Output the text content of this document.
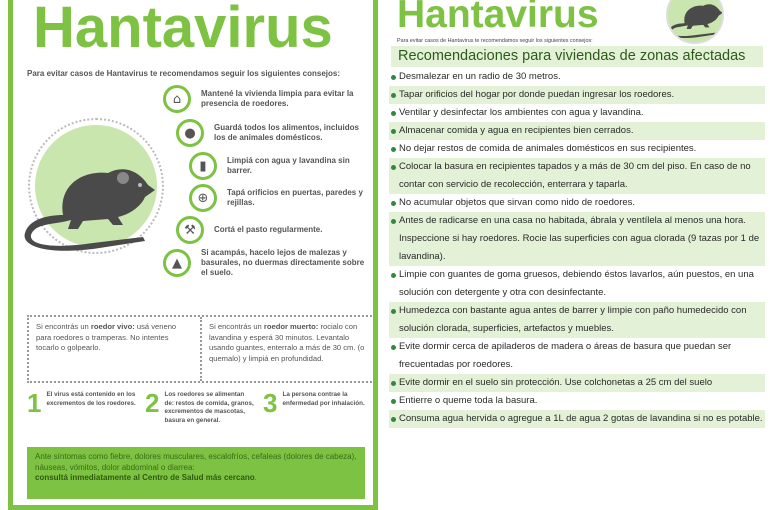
Hantavirus
Para evitar casos de Hantavirus te recomendamos seguir los siguientes consejos:
⌂	Mantené la vivienda limpia para evitar la presencia de roedores.
●	Guardá todos los alimentos, incluidos los de animales domésticos.
▮	Limpiá con agua y lavandina sin barrer.
⊕	Tapá orificios en puertas, paredes y rejillas.
⚒	Cortá el pasto regularmente.
▲
Si acampás, hacelo lejos de malezas y basurales, no duermas directamente sobre el suelo.
Si encontrás un roedor vivo: usá veneno para roedores o tramperas. No intentes tocarlo o golpearlo.
Si encontrás un roedor muerto: rocialo con lavandina y esperá 30 minutos. Levantalo usando guantes, enterralo a más de 30 cm. (o quemalo) y limpiá en profundidad.
1 El virus está contenido en los excrementos de los roedores. 2 Los roedores se alimentan de: restos de comida, granos, excrementos de mascotas, basura en general.
3 La persona contrae la enfermedad por inhalación.
Ante síntomas como fiebre, dolores musculares, escalofríos, cefaleas (dolores de cabeza), náuseas, vómitos, dolor abdominal o diarrea:
consultá inmediatamente al Centro de Salud más cercano.
Hantavirus
Para evitar casos de Hantavirus te recomendamos seguir los siguientes consejos:
Recomendaciones para viviendas de zonas afectadas
Desmalezar en un radio de 30 metros.
Tapar orificios del hogar por donde puedan ingresar los roedores.
Ventilar y desinfectar los ambientes con agua y lavandina.
Almacenar comida y agua en recipientes bien cerrados.
No dejar restos de comida de animales domésticos en sus recipientes.
Colocar la basura en recipientes tapados y a más de 30 cm del piso. En caso de no contar con servicio de recolección, enterrara y taparla.
No acumular objetos que sirvan como nido de roedores.
Antes de radicarse en una casa no habitada, ábrala y ventílela al menos una hora. Inspeccione si hay roedores. Rocie las superficies con agua clorada (9 tazas por 1 de lavandina).
Limpie con guantes de goma gruesos, debiendo éstos lavarlos, aún puestos, en una solución con detergente y otra con desinfectante.
Humedezca con bastante agua antes de barrer y limpie con paño humedecido con solución clorada, superficies, artefactos y muebles.
Evite dormir cerca de apiladeros de madera o áreas de basura que puedan ser frecuentadas por roedores.
Evite dormir en el suelo sin protección. Use colchonetas a 25 cm del suelo
Entierre o queme toda la basura.
Consuma agua hervida o agregue a 1L de agua 2 gotas de lavandina si no es potable.
